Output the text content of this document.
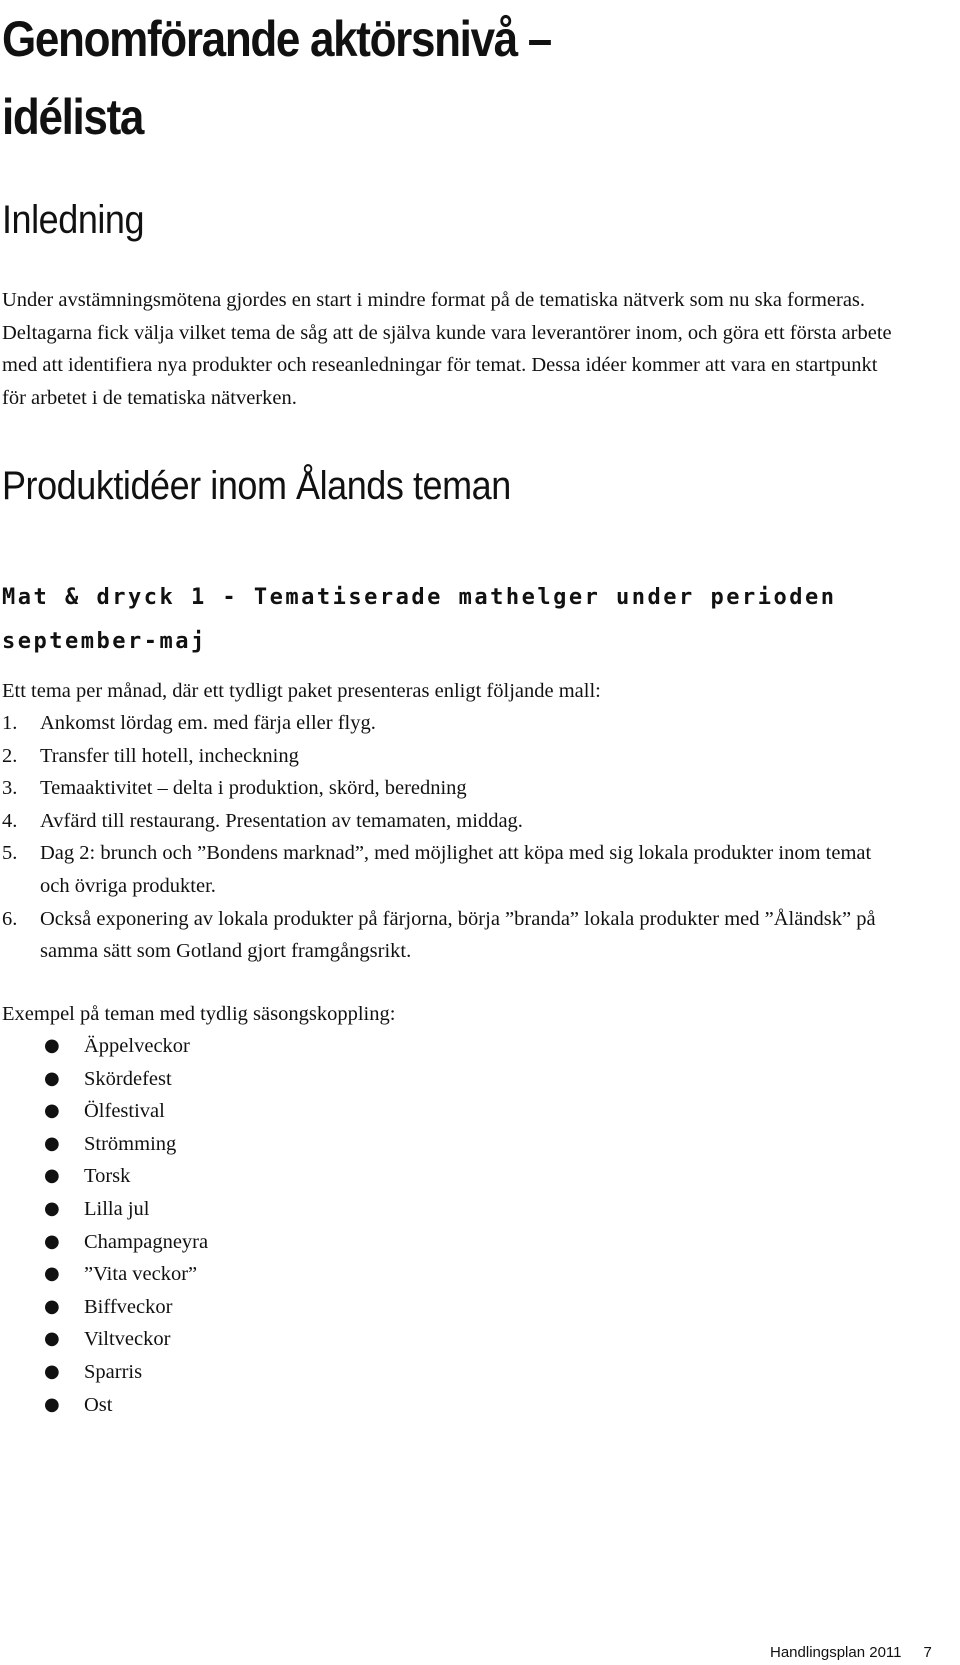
Genomförande aktörsnivå –
idélista
Inledning

Under avstämningsmötena gjordes en start i mindre format på de tematiska nätverk som nu ska formeras. Deltagarna fick välja vilket tema de såg att de själva kunde vara leverantörer inom, och göra ett första arbete med att identifiera nya produkter och reseanledningar för temat. Dessa idéer kommer att vara en startpunkt för arbetet i de tematiska nätverken.

Produktidéer inom Ålands teman
Mat & dryck 1 - Tematiserade mathelger under perioden september-maj

Ett tema per månad, där ett tydligt paket presenteras enligt följande mall:

1. Ankomst lördag em. med färja eller flyg.
2. Transfer till hotell, incheckning
3. Temaaktivitet – delta i produktion, skörd, beredning
4. Avfärd till restaurang. Presentation av temamaten, middag.
5. Dag 2: brunch och ”Bondens marknad”, med möjlighet att köpa med sig lokala produkter inom temat och övriga produkter.
6. Också exponering av lokala produkter på färjorna, börja ”branda” lokala produkter med ”Åländsk” på samma sätt som Gotland gjort framgångsrikt.

Exempel på teman med tydlig säsongskoppling:

● Äppelveckor
● Skördefest
● Ölfestival
● Strömming
● Torsk
● Lilla jul
● Champagneyra
● ”Vita veckor”
● Biffveckor
● Viltveckor
● Sparris
● Ost
Handlingsplan 2011 7
